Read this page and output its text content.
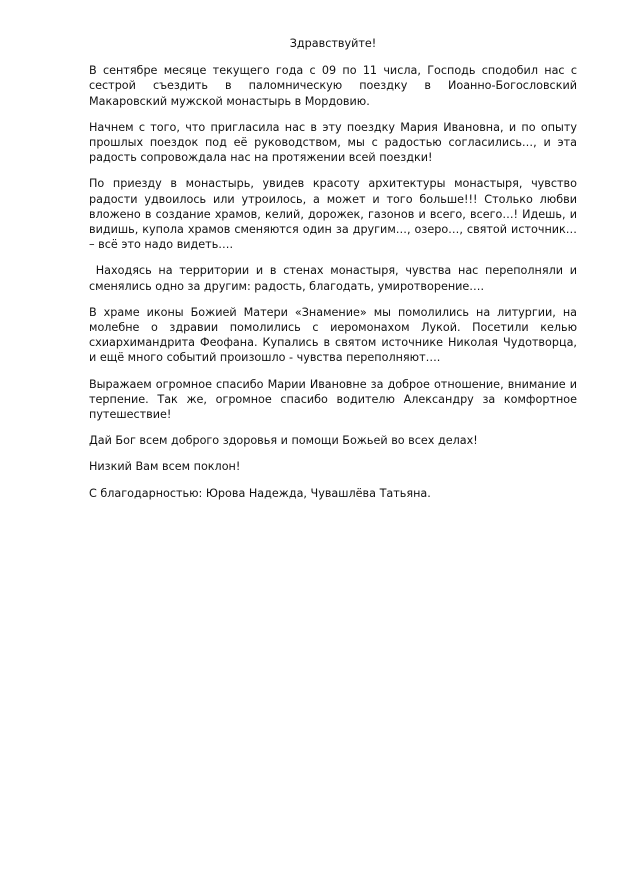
Здравствуйте!

В сентябре месяце текущего года с 09 по 11 числа, Господь сподобил нас с сестрой съездить в паломническую поездку в Иоанно-Богословский Макаровский мужской монастырь в Мордовию.

Начнем с того, что пригласила нас в эту поездку Мария Ивановна, и по опыту прошлых поездок под её руководством, мы с радостью согласились…, и эта радость сопровождала нас на протяжении всей поездки!

По приезду в монастырь, увидев красоту архитектуры монастыря, чувство радости удвоилось или утроилось, а может и того больше!!! Столько любви вложено в создание храмов, келий, дорожек, газонов и всего, всего…! Идешь, и видишь, купола храмов сменяются один за другим…, озеро…, святой источник… – всё это надо видеть….

Находясь на территории и в стенах монастыря, чувства нас переполняли и сменялись одно за другим: радость, благодать, умиротворение….

В храме иконы Божией Матери «Знамение» мы помолились на литургии, на молебне о здравии помолились с иеромонахом Лукой. Посетили келью схиархимандрита Феофана. Купались в святом источнике Николая Чудотворца, и ещё много событий произошло - чувства переполняют….

Выражаем огромное спасибо Марии Ивановне за доброе отношение, внимание и терпение. Так же, огромное спасибо водителю Александру за комфортное путешествие!

Дай Бог всем доброго здоровья и помощи Божьей во всех делах!

Низкий Вам всем поклон!

С благодарностью: Юрова Надежда, Чувашлёва Татьяна.
